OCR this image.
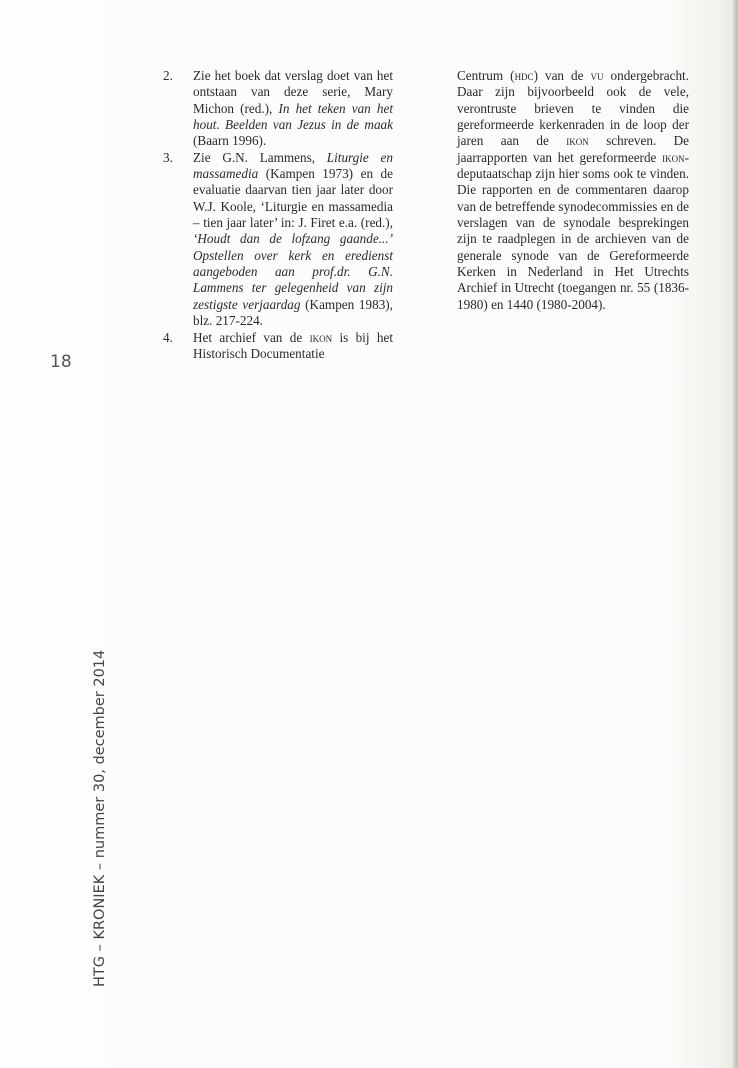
18
HTG – KRONIEK – nummer 30, december 2014
2. Zie het boek dat verslag doet van het ontstaan van deze serie, Mary Michon (red.), In het teken van het hout. Beelden van Jezus in de maak (Baarn 1996).
3. Zie G.N. Lammens, Liturgie en massamedia (Kampen 1973) en de evaluatie daarvan tien jaar later door W.J. Koole, ‘Liturgie en massamedia – tien jaar later’ in: J. Firet e.a. (red.), ‘Houdt dan de lofzang gaande...’ Opstellen over kerk en eredienst aangeboden aan prof.dr. G.N. Lammens ter gelegenheid van zijn zestigste verjaardag (Kampen 1983), blz. 217-224.
4. Het archief van de ikon is bij het Historisch Documentatie

Centrum (hdc) van de vu ondergebracht. Daar zijn bijvoorbeeld ook de vele, verontruste brieven te vinden die gereformeerde kerkenraden in de loop der jaren aan de ikon schreven. De jaarrapporten van het gereformeerde ikon-deputaatschap zijn hier soms ook te vinden. Die rapporten en de commentaren daarop van de betreffende synodecommissies en de verslagen van de synodale besprekingen zijn te raadplegen in de archieven van de generale synode van de Gereformeerde Kerken in Nederland in Het Utrechts Archief in Utrecht (toegangen nr. 55 (1836-1980) en 1440 (1980-2004).
